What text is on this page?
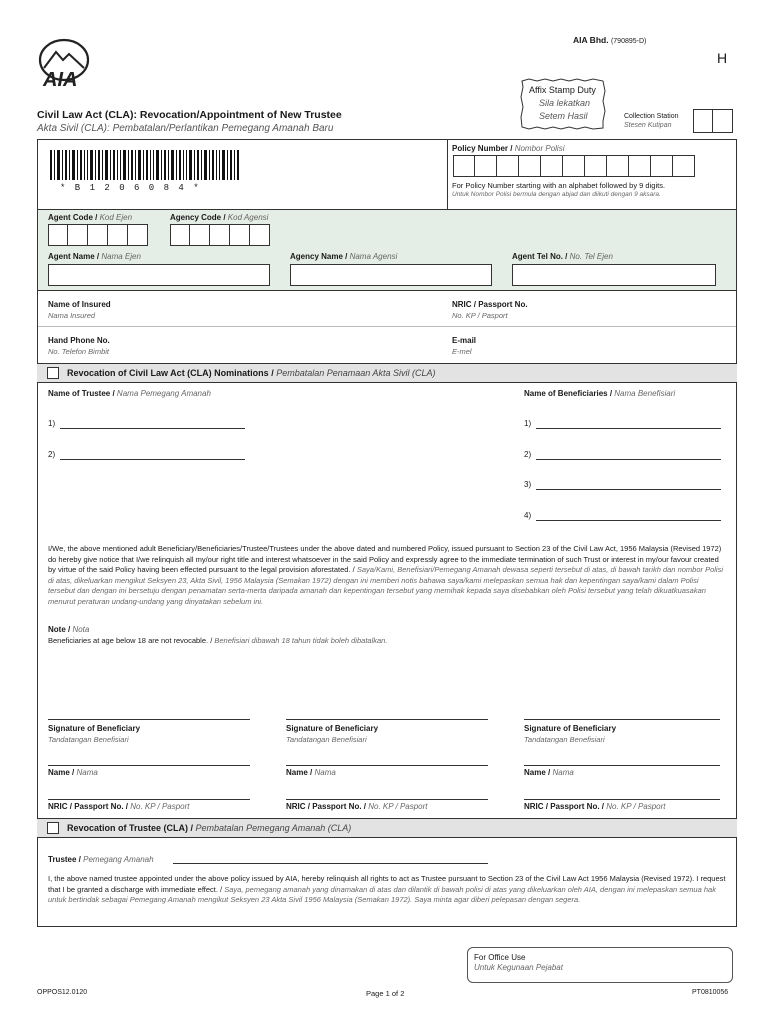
AIA
AIA Bhd. (790895-D)
H
Affix Stamp Duty
Sila lekatkan
Setem Hasil	Collection Station
Stesen Kutipan
Civil Law Act (CLA): Revocation/Appointment of New Trustee
Akta Sivil (CLA): Pembatalan/Perlantikan Pemegang Amanah Baru
* B 1 2 0 6 0 8 4 *
Policy Number / Nombor Polisi
For Policy Number starting with an alphabet followed by 9 digits.
Untuk Nombor Polisi bermula dengan abjad dan diikuti dengan 9 aksara.
Agent Code / Kod Ejen	Agency Code / Kod Agensi
Agent Name / Nama Ejen	Agency Name / Nama Agensi	Agent Tel No. / No. Tel Ejen
Name of Insured
Nama Insured
NRIC / Passport No.
No. KP / Pasport
Hand Phone No.
No. Telefon Bimbit
E-mail
E-mel
Revocation of Civil Law Act (CLA) Nominations / Pembatalan Penamaan Akta Sivil (CLA)
Name of Trustee / Nama Pemegang Amanah	Name of Beneficiaries / Nama Benefisiari
1)
2)
1)
2)
3)
4)
I/We, the above mentioned adult Beneficiary/Beneficiaries/Trustee/Trustees under the above dated and numbered Policy, issued pursuant to Section 23 of the Civil Law Act, 1956 Malaysia (Revised 1972) do hereby give notice that I/we relinquish all my/our right title and interest whatsoever in the said Policy and expressly agree to the immediate termination of such Trust or interest in my/our favour created by virtue of the said Policy having been effected pursuant to the legal provision aforestated. / Saya/Kami, Benefisiari/Pemegang Amanah dewasa seperti tersebut di atas, di bawah tarikh dan nombor Polisi di atas, dikeluarkan mengikut Seksyen 23, Akta Sivil, 1956 Malaysia (Semakan 1972) dengan ini memberi notis bahawa saya/kami melepaskan semua hak dan kepentingan saya/kami dalam Polisi tersebut dan dengan ini bersetuju dengan penamatan serta-merta daripada amanah dan kepentingan tersebut yang memihak kepada saya disebabkan oleh Polisi tersebut yang telah dikuatkuasakan menurut peraturan undang-undang yang dinyatakan sebelum ini.
Note / Nota
Beneficiaries at age below 18 are not revocable. / Benefisiari dibawah 18 tahun tidak boleh dibatalkan.
Signature of Beneficiary
Tandatangan Benefisiari
Signature of Beneficiary
Tandatangan Benefisiari
Signature of Beneficiary
Tandatangan Benefisiari
Name / Nama	Name / Nama	Name / Nama
NRIC / Passport No. / No. KP / Pasport	NRIC / Passport No. / No. KP / Pasport	NRIC / Passport No. / No. KP / Pasport
Revocation of Trustee (CLA) / Pembatalan Pemegang Amanah (CLA)
Trustee / Pemegang Amanah
I, the above named trustee appointed under the above policy issued by AIA, hereby relinquish all rights to act as Trustee pursuant to Section 23 of the Civil Law Act 1956 Malaysia (Revised 1972). I request that I be granted a discharge with immediate effect. / Saya, pemegang amanah yang dinamakan di atas dan dilantik di bawah polisi di atas yang dikeluarkan oleh AIA, dengan ini melepaskan semua hak untuk bertindak sebagai Pemegang Amanah mengikut Seksyen 23 Akta Sivil 1956 Malaysia (Semakan 1972). Saya minta agar diberi pelepasan dengan segera.
For Office Use
Untuk Kegunaan Pejabat
OPPOS12.0120	Page 1 of 2	PT0810056
